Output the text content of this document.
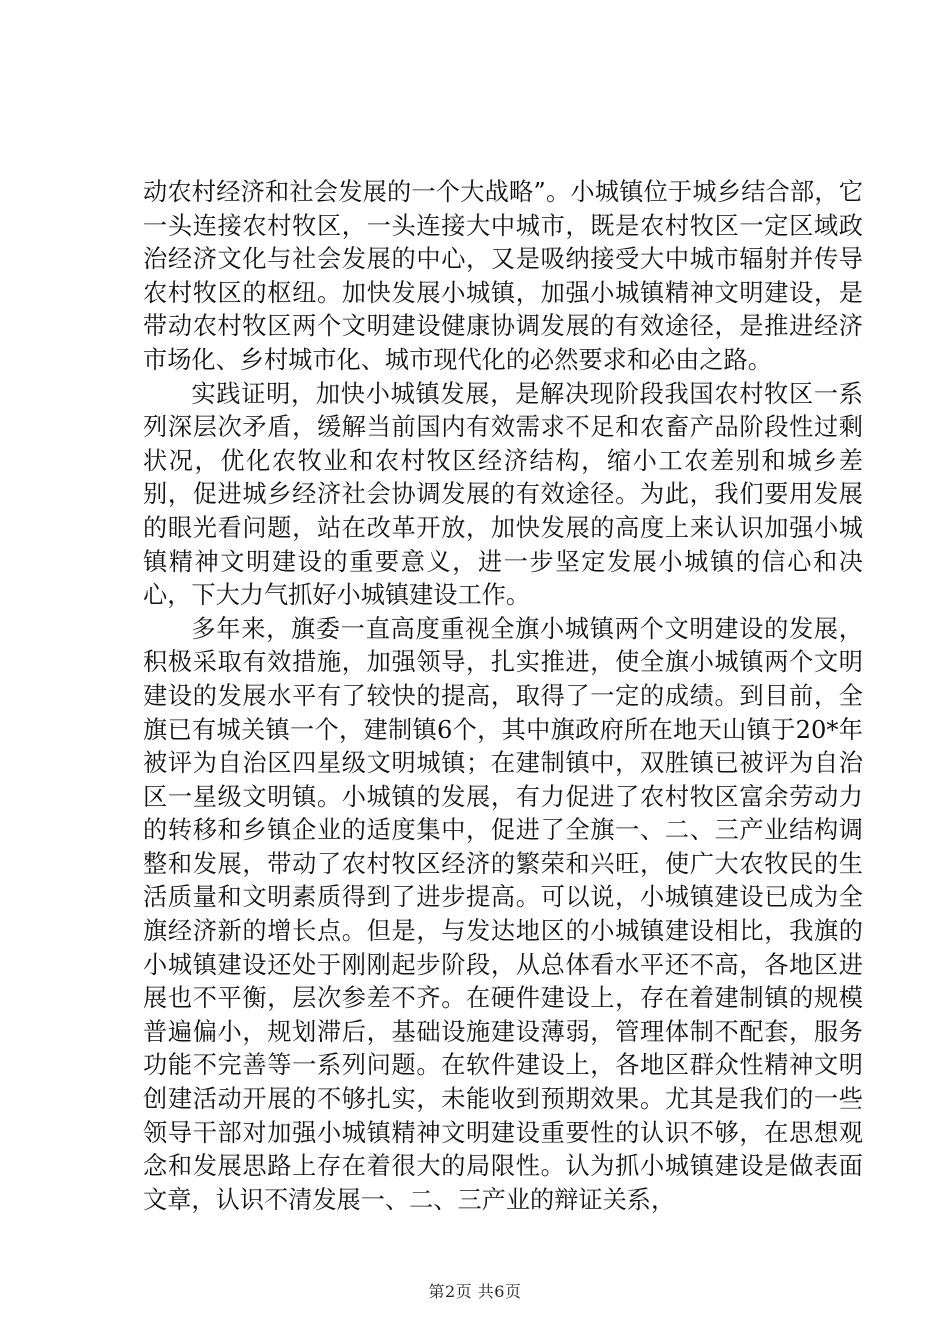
动农村经济和社会发展的一个大战略”。小城镇位于城乡结合部，它一头连接农村牧区，一头连接大中城市，既是农村牧区一定区域政治经济文化与社会发展的中心，又是吸纳接受大中城市辐射并传导农村牧区的枢纽。加快发展小城镇，加强小城镇精神文明建设，是带动农村牧区两个文明建设健康协调发展的有效途径，是推进经济市场化、乡村城市化、城市现代化的必然要求和必由之路。

实践证明，加快小城镇发展，是解决现阶段我国农村牧区一系列深层次矛盾，缓解当前国内有效需求不足和农畜产品阶段性过剩状况，优化农牧业和农村牧区经济结构，缩小工农差别和城乡差别，促进城乡经济社会协调发展的有效途径。为此，我们要用发展的眼光看问题，站在改革开放，加快发展的高度上来认识加强小城镇精神文明建设的重要意义，进一步坚定发展小城镇的信心和决心，下大力气抓好小城镇建设工作。

多年来，旗委一直高度重视全旗小城镇两个文明建设的发展，积极采取有效措施，加强领导，扎实推进，使全旗小城镇两个文明建设的发展水平有了较快的提高，取得了一定的成绩。到目前，全旗已有城关镇一个，建制镇6个，其中旗政府所在地天山镇于20*年被评为自治区四星级文明城镇；在建制镇中，双胜镇已被评为自治区一星级文明镇。小城镇的发展，有力促进了农村牧区富余劳动力的转移和乡镇企业的适度集中，促进了全旗一、二、三产业结构调整和发展，带动了农村牧区经济的繁荣和兴旺，使广大农牧民的生活质量和文明素质得到了进步提高。可以说，小城镇建设已成为全旗经济新的增长点。但是，与发达地区的小城镇建设相比，我旗的小城镇建设还处于刚刚起步阶段，从总体看水平还不高，各地区进展也不平衡，层次参差不齐。在硬件建设上，存在着建制镇的规模普遍偏小，规划滞后，基础设施建设薄弱，管理体制不配套，服务功能不完善等一系列问题。在软件建设上，各地区群众性精神文明创建活动开展的不够扎实，未能收到预期效果。尤其是我们的一些领导干部对加强小城镇精神文明建设重要性的认识不够，在思想观念和发展思路上存在着很大的局限性。认为抓小城镇建设是做表面文章，认识不清发展一、二、三产业的辩证关系，

第2页 共6页
